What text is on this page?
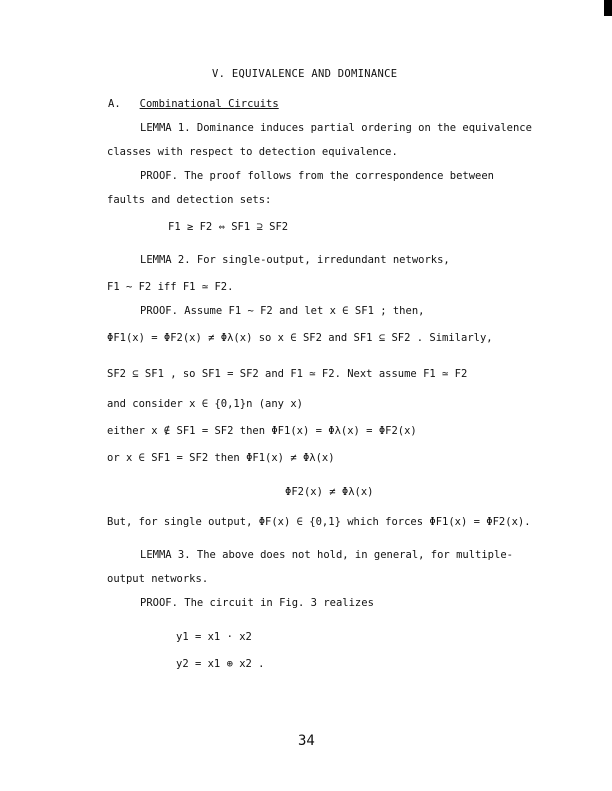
V. EQUIVALENCE AND DOMINANCE
A. Combinational Circuits
LEMMA 1. Dominance induces partial ordering on the equivalence
classes with respect to detection equivalence.
PROOF. The proof follows from the correspondence between
faults and detection sets:
F1 ≥ F2 ⇔ SF1 ⊇ SF2
LEMMA 2. For single-output, irredundant networks,
F1 ~ F2 iff F1 ≃ F2.
PROOF. Assume F1 ~ F2 and let x ∈ SF1 ; then,
ΦF1(x) = ΦF2(x) ≠ Φλ(x) so x ∈ SF2 and SF1 ⊆ SF2 . Similarly,
SF2 ⊆ SF1 , so SF1 = SF2 and F1 ≃ F2. Next assume F1 ≃ F2
and consider x ∈ {0,1}n (any x)
either x ∉ SF1 = SF2 then ΦF1(x) = Φλ(x) = ΦF2(x)
or x ∈ SF1 = SF2 then ΦF1(x) ≠ Φλ(x)
ΦF2(x) ≠ Φλ(x)
But, for single output, ΦF(x) ∈ {0,1} which forces ΦF1(x) = ΦF2(x).
LEMMA 3. The above does not hold, in general, for multiple-
output networks.
PROOF. The circuit in Fig. 3 realizes
y1 = x1 · x2
y2 = x1 ⊕ x2 .
34
